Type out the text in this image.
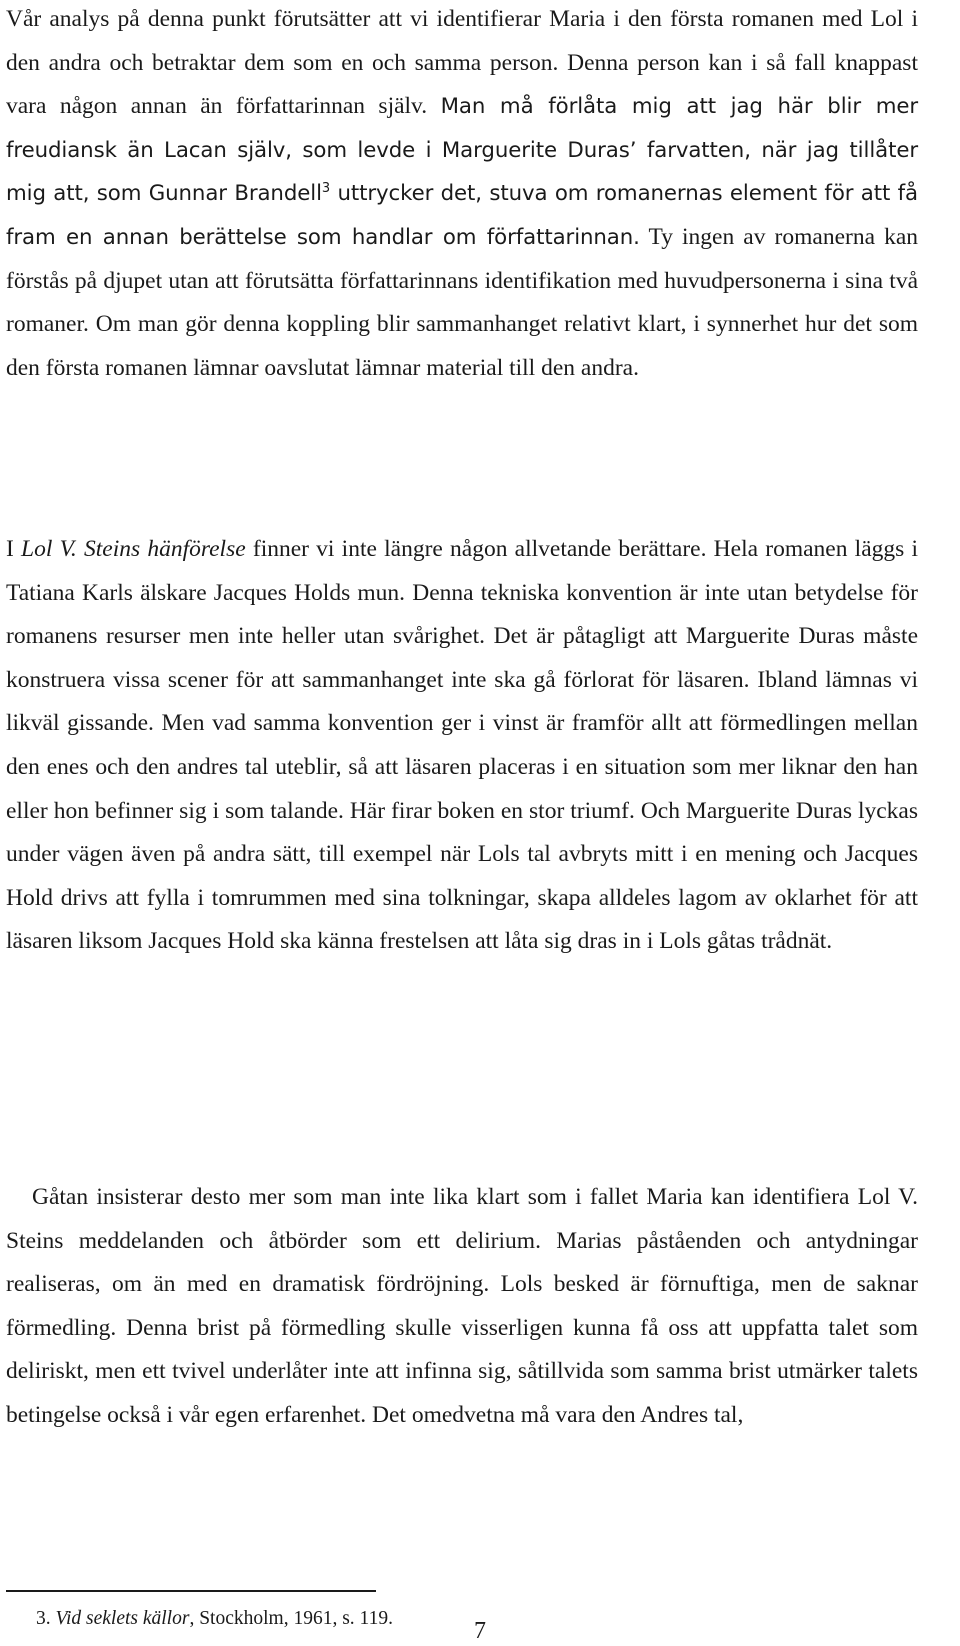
Vår analys på denna punkt förutsätter att vi identifierar Maria i den första romanen med Lol i den andra och betraktar dem som en och samma person. Denna person kan i så fall knappast vara någon annan än författarinnan själv. Man må förlåta mig att jag här blir mer freudiansk än Lacan själv, som levde i Marguerite Duras’ farvatten, när jag tillåter mig att, som Gunnar Brandell$^3$ uttrycker det, stuva om romanernas element för att få fram en annan berättelse som handlar om författarinnan. Ty ingen av romanerna kan förstås på djupet utan att förutsätta författarinnans identifikation med huvudpersonerna i sina två romaner. Om man gör denna koppling blir sammanhanget relativt klart, i synnerhet hur det som den första romanen lämnar oavslutat lämnar material till den andra.

I Lol V. Steins hänförelse finner vi inte längre någon allvetande berättare. Hela romanen läggs i Tatiana Karls älskare Jacques Holds mun. Denna tekniska konvention är inte utan betydelse för romanens resurser men inte heller utan svårighet. Det är påtagligt att Marguerite Duras måste konstruera vissa scener för att sammanhanget inte ska gå förlorat för läsaren. Ibland lämnas vi likväl gissande. Men vad samma konvention ger i vinst är framför allt att förmedlingen mellan den enes och den andres tal uteblir, så att läsaren placeras i en situation som mer liknar den han eller hon befinner sig i som talande. Här firar boken en stor triumf. Och Marguerite Duras lyckas under vägen även på andra sätt, till exempel när Lols tal avbryts mitt i en mening och Jacques Hold drivs att fylla i tomrummen med sina tolkningar, skapa alldeles lagom av oklarhet för att läsaren liksom Jacques Hold ska känna frestelsen att låta sig dras in i Lols gåtas trådnät.

Gåtan insisterar desto mer som man inte lika klart som i fallet Maria kan identifiera Lol V. Steins meddelanden och åtbörder som ett delirium. Marias påståenden och antydningar realiseras, om än med en dramatisk fördröjning. Lols besked är förnuftiga, men de saknar förmedling. Denna brist på förmedling skulle visserligen kunna få oss att uppfatta talet som deliriskt, men ett tvivel underlåter inte att infinna sig, såtillvida som samma brist utmärker talets betingelse också i vår egen erfarenhet. Det omedvetna må vara den Andres tal,

3. Vid seklets källor, Stockholm, 1961, s. 119.	7
